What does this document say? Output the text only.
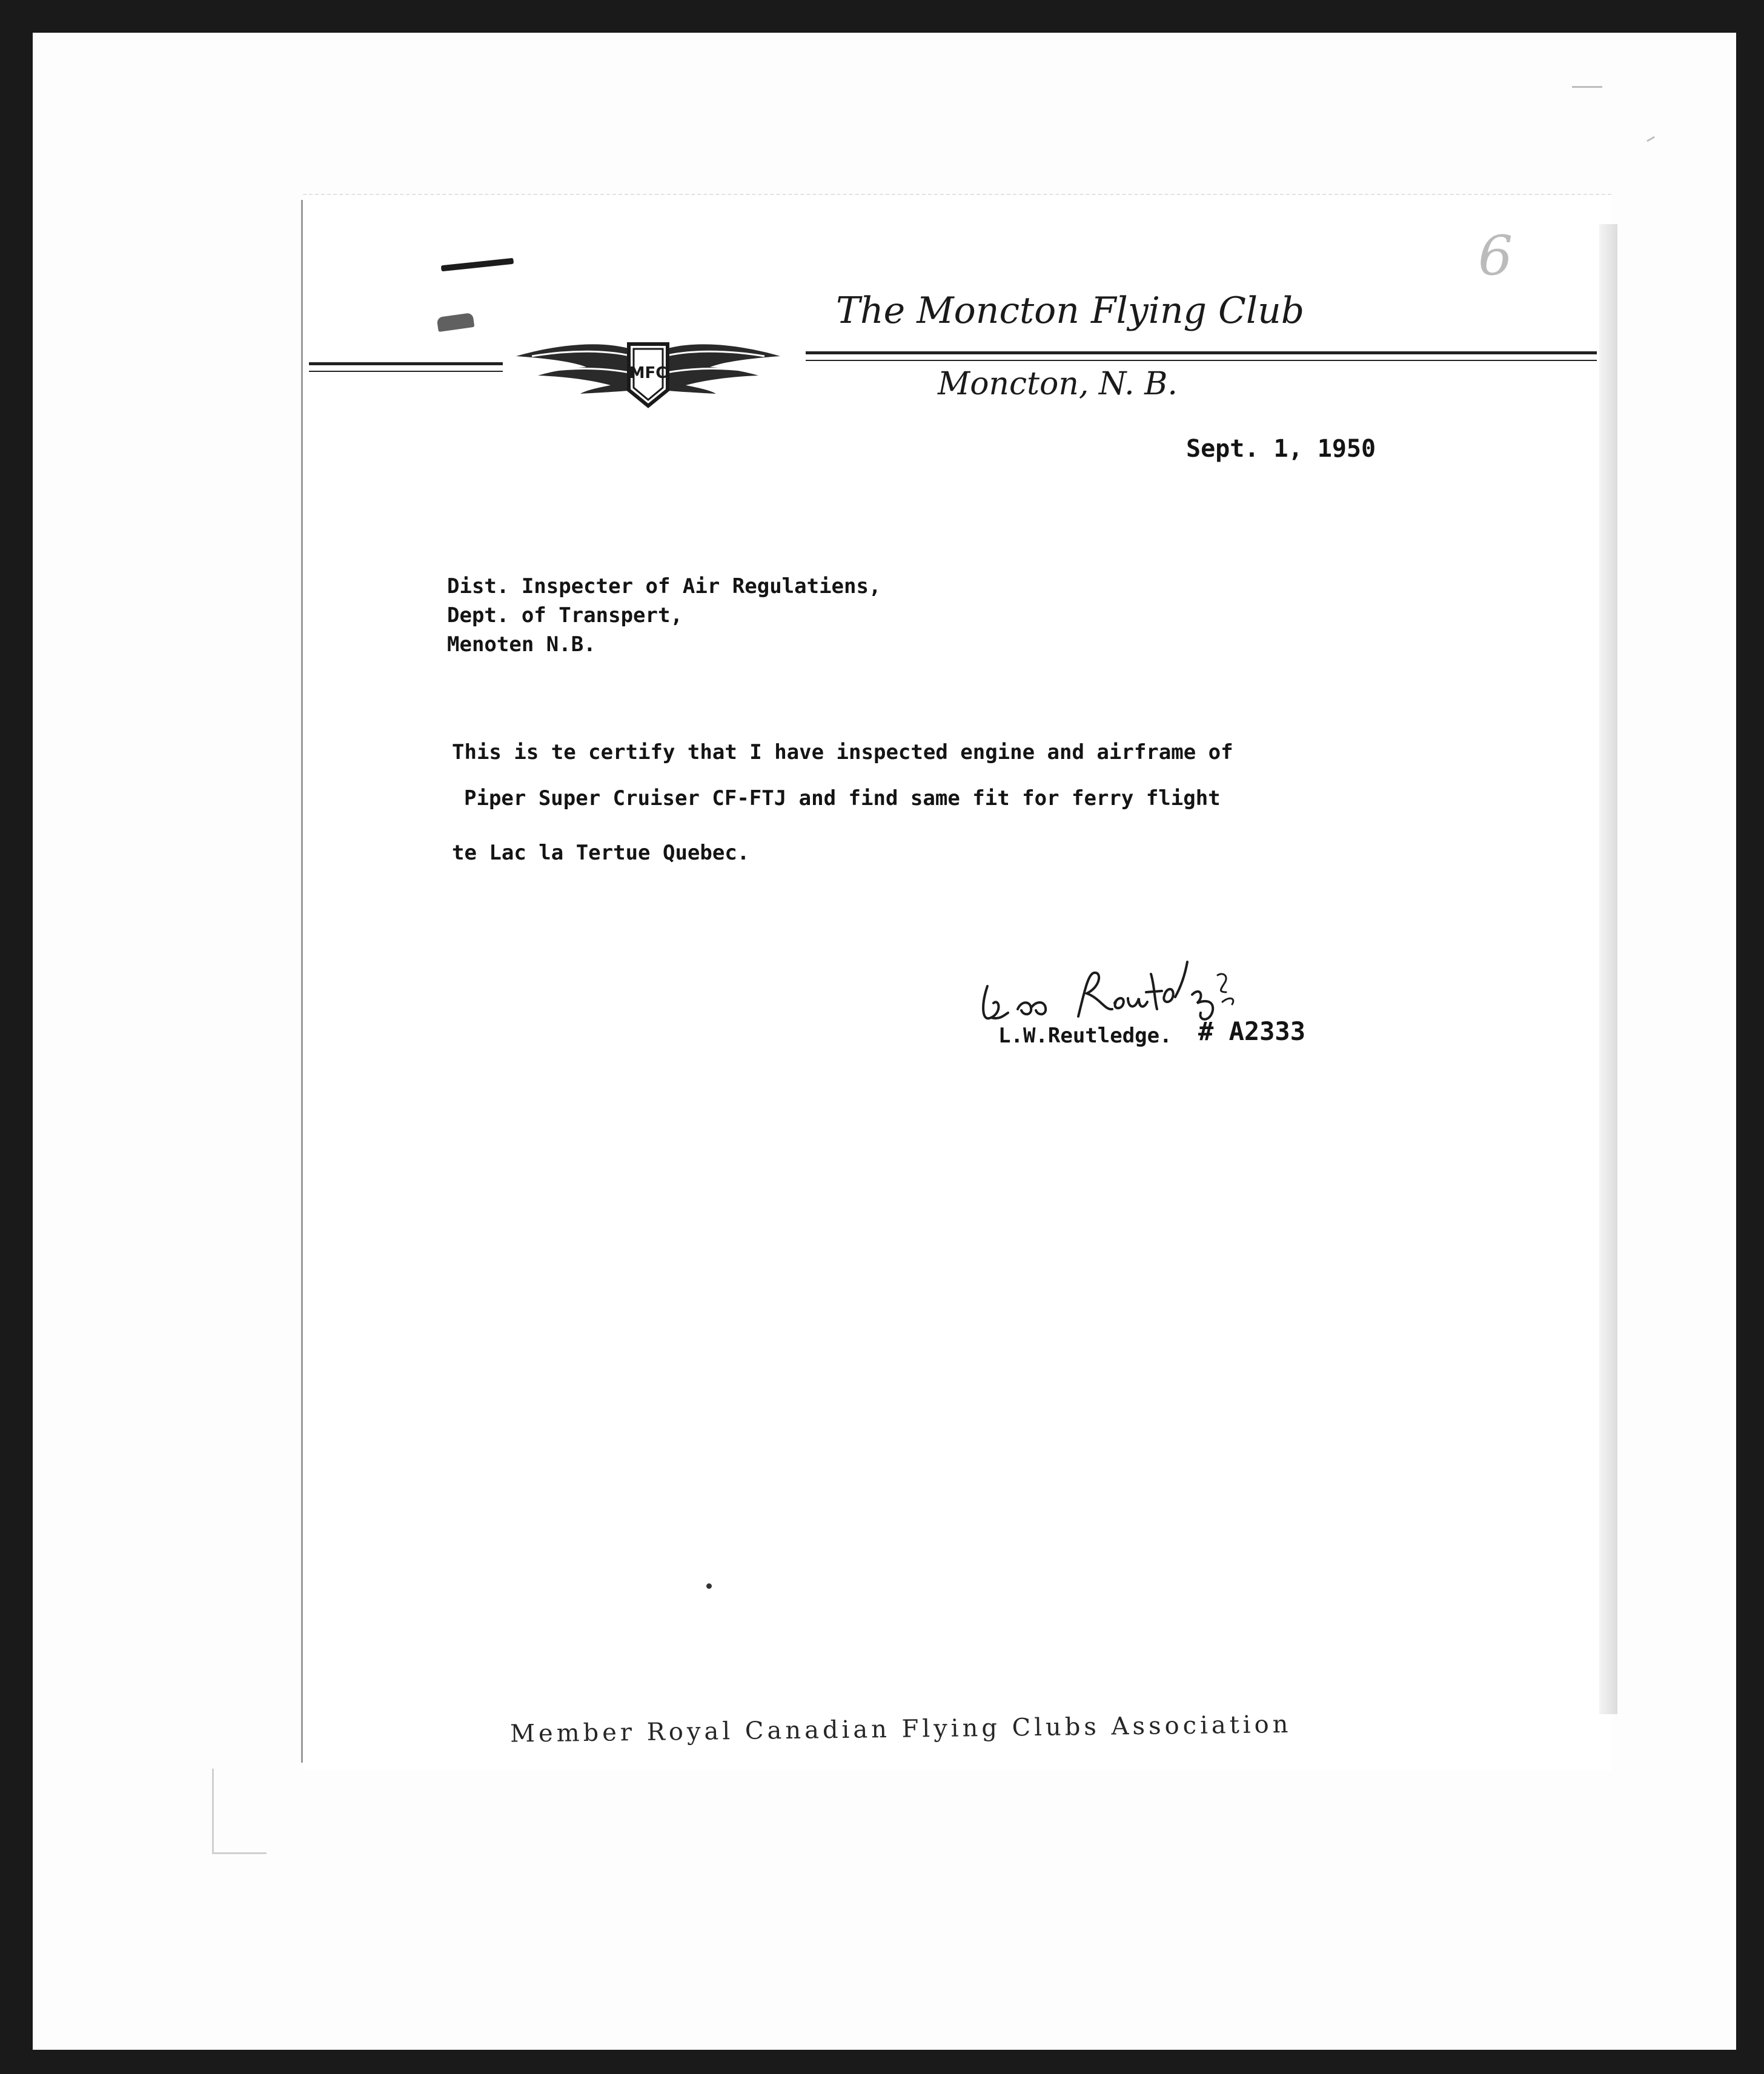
6
MFC
The Moncton Flying Club
Moncton, N. B.
Sept. 1, 1950
Dist. Inspecter of Air Regulatiens,
Dept. of Transpert,
Menoten N.B.
This is te certify that I have inspected engine and airframe of
Piper Super Cruiser CF-FTJ and find same fit for ferry flight
te Lac la Tertue Quebec.
L.W.Reutledge. # A2333
Member Royal Canadian Flying Clubs Association
